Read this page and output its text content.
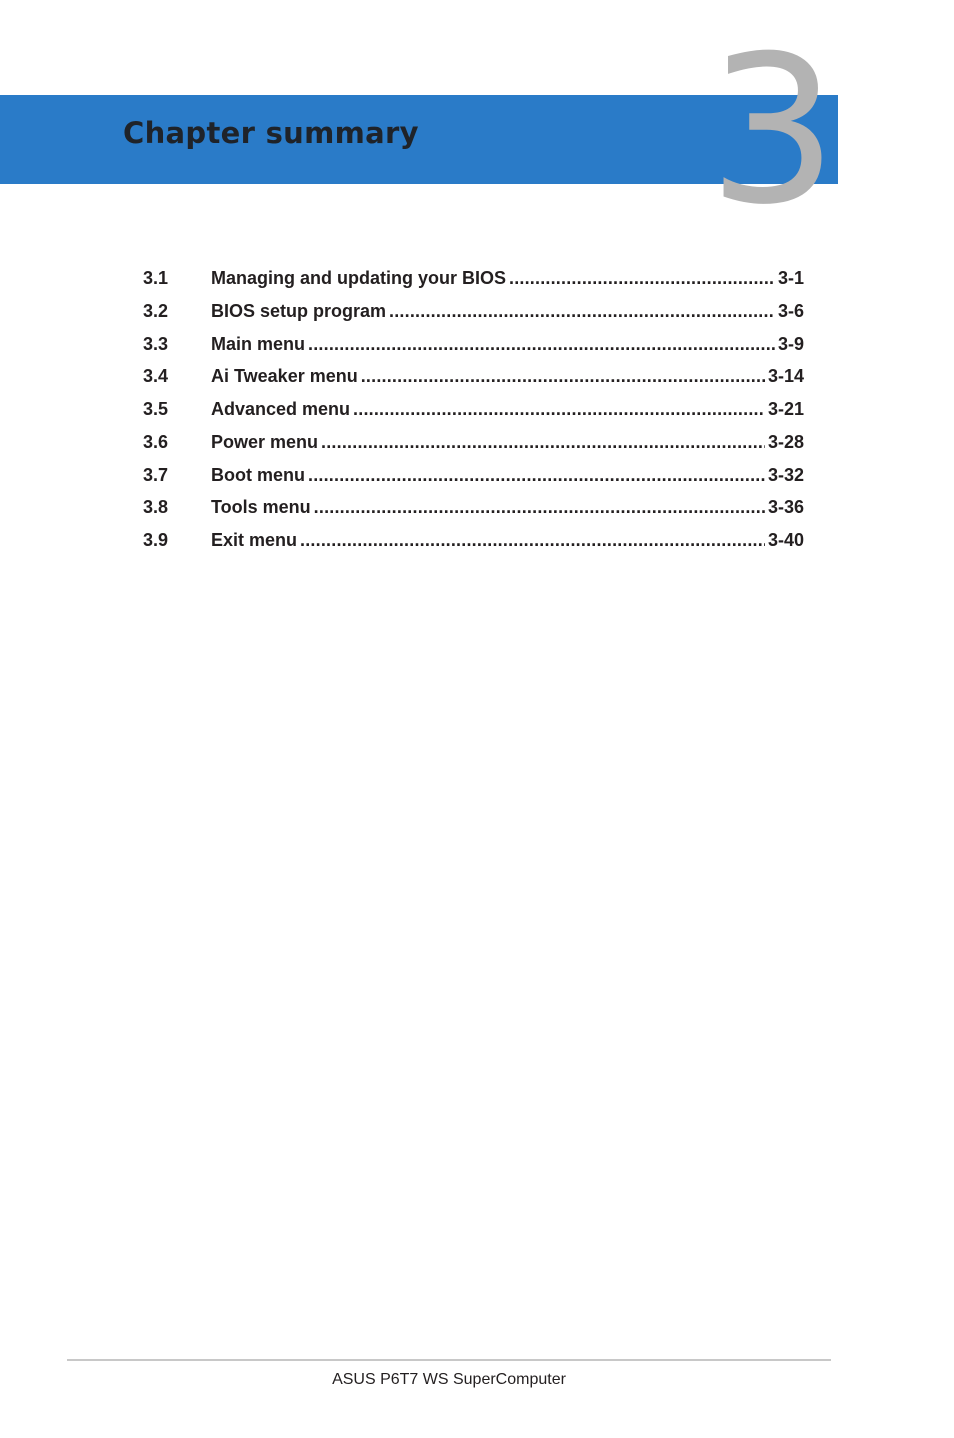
3
Chapter summary
3.1	Managing and updating your BIOS .....	3-1
3.2	BIOS setup program .....	3-6
3.3	Main menu .....	3-9
3.4	Ai Tweaker menu .....	3-14
3.5	Advanced menu .....	3-21
3.6	Power menu .....	3-28
3.7	Boot menu .....	3-32
3.8	Tools menu .....	3-36
3.9	Exit menu .....	3-40
ASUS P6T7 WS SuperComputer
